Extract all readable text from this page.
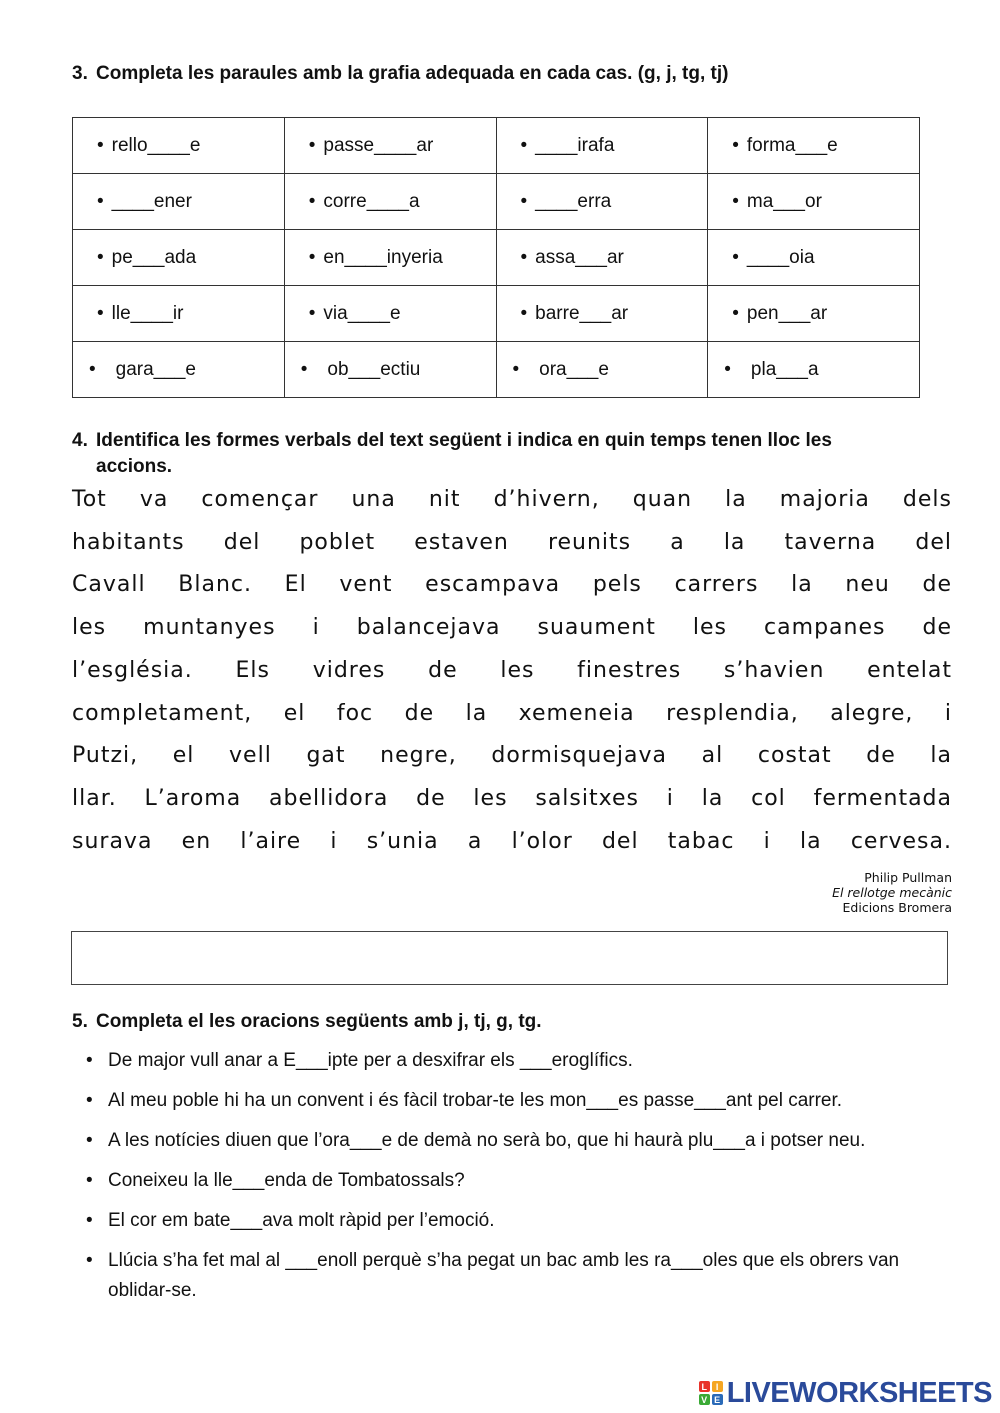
3. Completa les paraules amb la grafia adequada en cada cas. (g, j, tg, tj)
• rello____e	• passe____ar	• ____irafa	• forma___e
• ____ener	• corre____a	• ____erra	• ma___or
• pe___ada	• en____inyeria	• assa___ar	• ____oia
• lle____ir	• via____e	• barre___ar	• pen___ar
• gara___e	• ob___ectiu	• ora___e	• pla___a
4. Identifica les formes verbals del text següent i indica en quin temps tenen lloc les
accions.
Tot va començar una nit d’hivern, quan la majoria dels
habitants del poblet estaven reunits a la taverna del
Cavall Blanc. El vent escampava pels carrers la neu de
les muntanyes i balancejava suaument les campanes de
l’església. Els vidres de les finestres s’havien entelat
completament, el foc de la xemeneia resplendia, alegre, i
Putzi, el vell gat negre, dormisquejava al costat de la
llar. L’aroma abellidora de les salsitxes i la col fermentada
surava en l’aire i s’unia a l’olor del tabac i la cervesa.
Philip Pullman
El rellotge mecànic
Edicions Bromera
5. Completa el les oracions següents amb j, tj, g, tg.
• De major vull anar a E___ipte per a desxifrar els ___eroglífics.
• Al meu poble hi ha un convent i és fàcil trobar-te les mon___es passe___ant pel carrer.
• A les notícies diuen que l’ora___e de demà no serà bo, que hi haurà plu___a i potser neu.
• Coneixeu la lle___enda de Tombatossals?
• El cor em bate___ava molt ràpid per l’emoció.
• Llúcia s’ha fet mal al ___enoll perquè s’ha pegat un bac amb les ra___oles que els obrers van oblidar-se.
L I
V E LIVEWORKSHEETS
